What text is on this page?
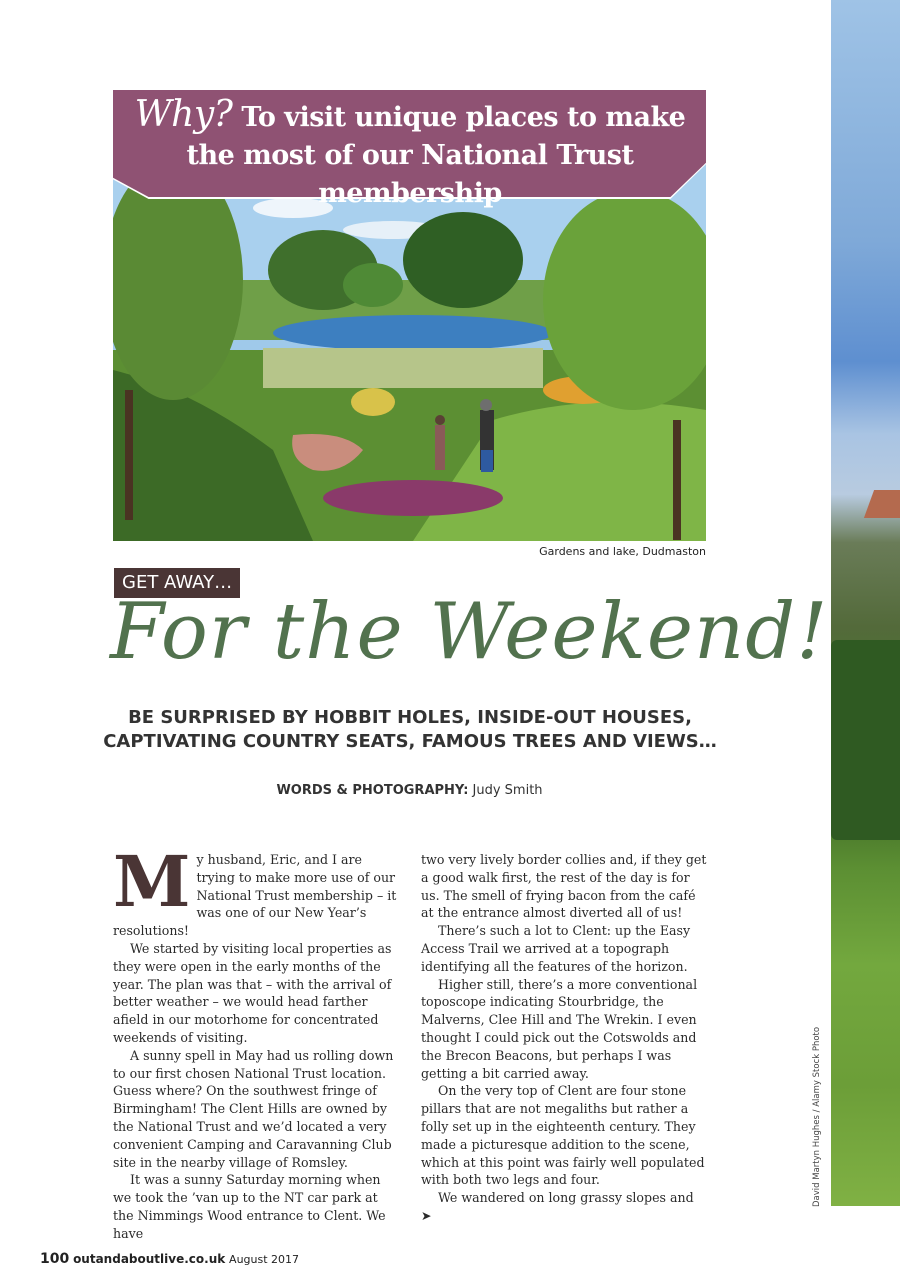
David Martyn Hughes / Alamy Stock Photo
Why? To visit unique places to make the most of our National Trust membership
Gardens and lake, Dudmaston
GET AWAY…
For the Weekend!
BE SURPRISED BY HOBBIT HOLES, INSIDE-OUT HOUSES, CAPTIVATING COUNTRY SEATS, FAMOUS TREES AND VIEWS…
WORDS & PHOTOGRAPHY: Judy Smith

My husband, Eric, and I are trying to make more use of our National Trust membership – it was one of our New Year’s resolutions!

We started by visiting local properties as they were open in the early months of the year. The plan was that – with the arrival of better weather – we would head farther afield in our motorhome for concentrated weekends of visiting.

A sunny spell in May had us rolling down to our first chosen National Trust location. Guess where? On the southwest fringe of Birmingham! The Clent Hills are owned by the National Trust and we’d located a very convenient Camping and Caravanning Club site in the nearby village of Romsley.

It was a sunny Saturday morning when we took the ’van up to the NT car park at the Nimmings Wood entrance to Clent. We have

two very lively border collies and, if they get a good walk first, the rest of the day is for us. The smell of frying bacon from the café at the entrance almost diverted all of us!

There’s such a lot to Clent: up the Easy Access Trail we arrived at a topograph identifying all the features of the horizon.

Higher still, there’s a more conventional toposcope indicating Stourbridge, the Malverns, Clee Hill and The Wrekin. I even thought I could pick out the Cotswolds and the Brecon Beacons, but perhaps I was getting a bit carried away.

On the very top of Clent are four stone pillars that are not megaliths but rather a folly set up in the eighteenth century. They made a picturesque addition to the scene, which at this point was fairly well populated with both two legs and four.

We wandered on long grassy slopes and ➤

100 outandaboutlive.co.uk August 2017
